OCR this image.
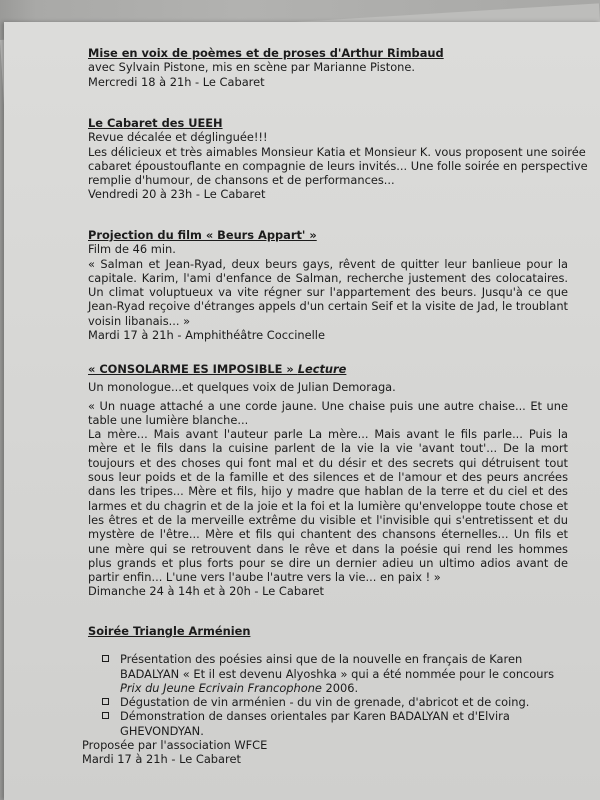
Mise en voix de poèmes et de proses d'Arthur Rimbaud
avec Sylvain Pistone, mis en scène par Marianne Pistone.
Mercredi 18 à 21h - Le Cabaret
Le Cabaret des UEEH
Revue décalée et déglinguée!!!
Les délicieux et très aimables Monsieur Katia et Monsieur K. vous proposent une soirée
cabaret époustouflante en compagnie de leurs invités... Une folle soirée en perspective
remplie d'humour, de chansons et de performances...
Vendredi 20 à 23h - Le Cabaret
Projection du film « Beurs Appart' »
Film de 46 min.
« Salman et Jean-Ryad, deux beurs gays, rêvent de quitter leur banlieue pour la capitale. Karim, l'ami d'enfance de Salman, recherche justement des colocataires. Un climat voluptueux va vite régner sur l'appartement des beurs. Jusqu'à ce que Jean-Ryad reçoive d'étranges appels d'un certain Seif et la visite de Jad, le troublant voisin libanais... »
Mardi 17 à 21h - Amphithéâtre Coccinelle
« CONSOLARME ES IMPOSIBLE » Lecture
Un monologue...et quelques voix de Julian Demoraga.
« Un nuage attaché a une corde jaune. Une chaise puis une autre chaise... Et une table une lumière blanche...
La mère... Mais avant l'auteur parle La mère... Mais avant le fils parle... Puis la mère et le fils dans la cuisine parlent de la vie la vie 'avant tout'... De la mort toujours et des choses qui font mal et du désir et des secrets qui détruisent tout sous leur poids et de la famille et des silences et de l'amour et des peurs ancrées dans les tripes... Mère et fils, hijo y madre que hablan de la terre et du ciel et des larmes et du chagrin et de la joie et la foi et la lumière qu'enveloppe toute chose et les êtres et de la merveille extrême du visible et l'invisible qui s'entretissent et du mystère de l'être... Mère et fils qui chantent des chansons éternelles... Un fils et une mère qui se retrouvent dans le rêve et dans la poésie qui rend les hommes plus grands et plus forts pour se dire un dernier adieu un ultimo adios avant de partir enfin... L'une vers l'aube l'autre vers la vie... en paix ! »
Dimanche 24 à 14h et à 20h - Le Cabaret
Soirée Triangle Arménien
Présentation des poésies ainsi que de la nouvelle en français de Karen BADALYAN « Et il est devenu Alyoshka » qui a été nommée pour le concours Prix du Jeune Ecrivain Francophone 2006.
Dégustation de vin arménien - du vin de grenade, d'abricot et de coing.
Démonstration de danses orientales par Karen BADALYAN et d'Elvira GHEVONDYAN.
Proposée par l'association WFCE
Mardi 17 à 21h - Le Cabaret
